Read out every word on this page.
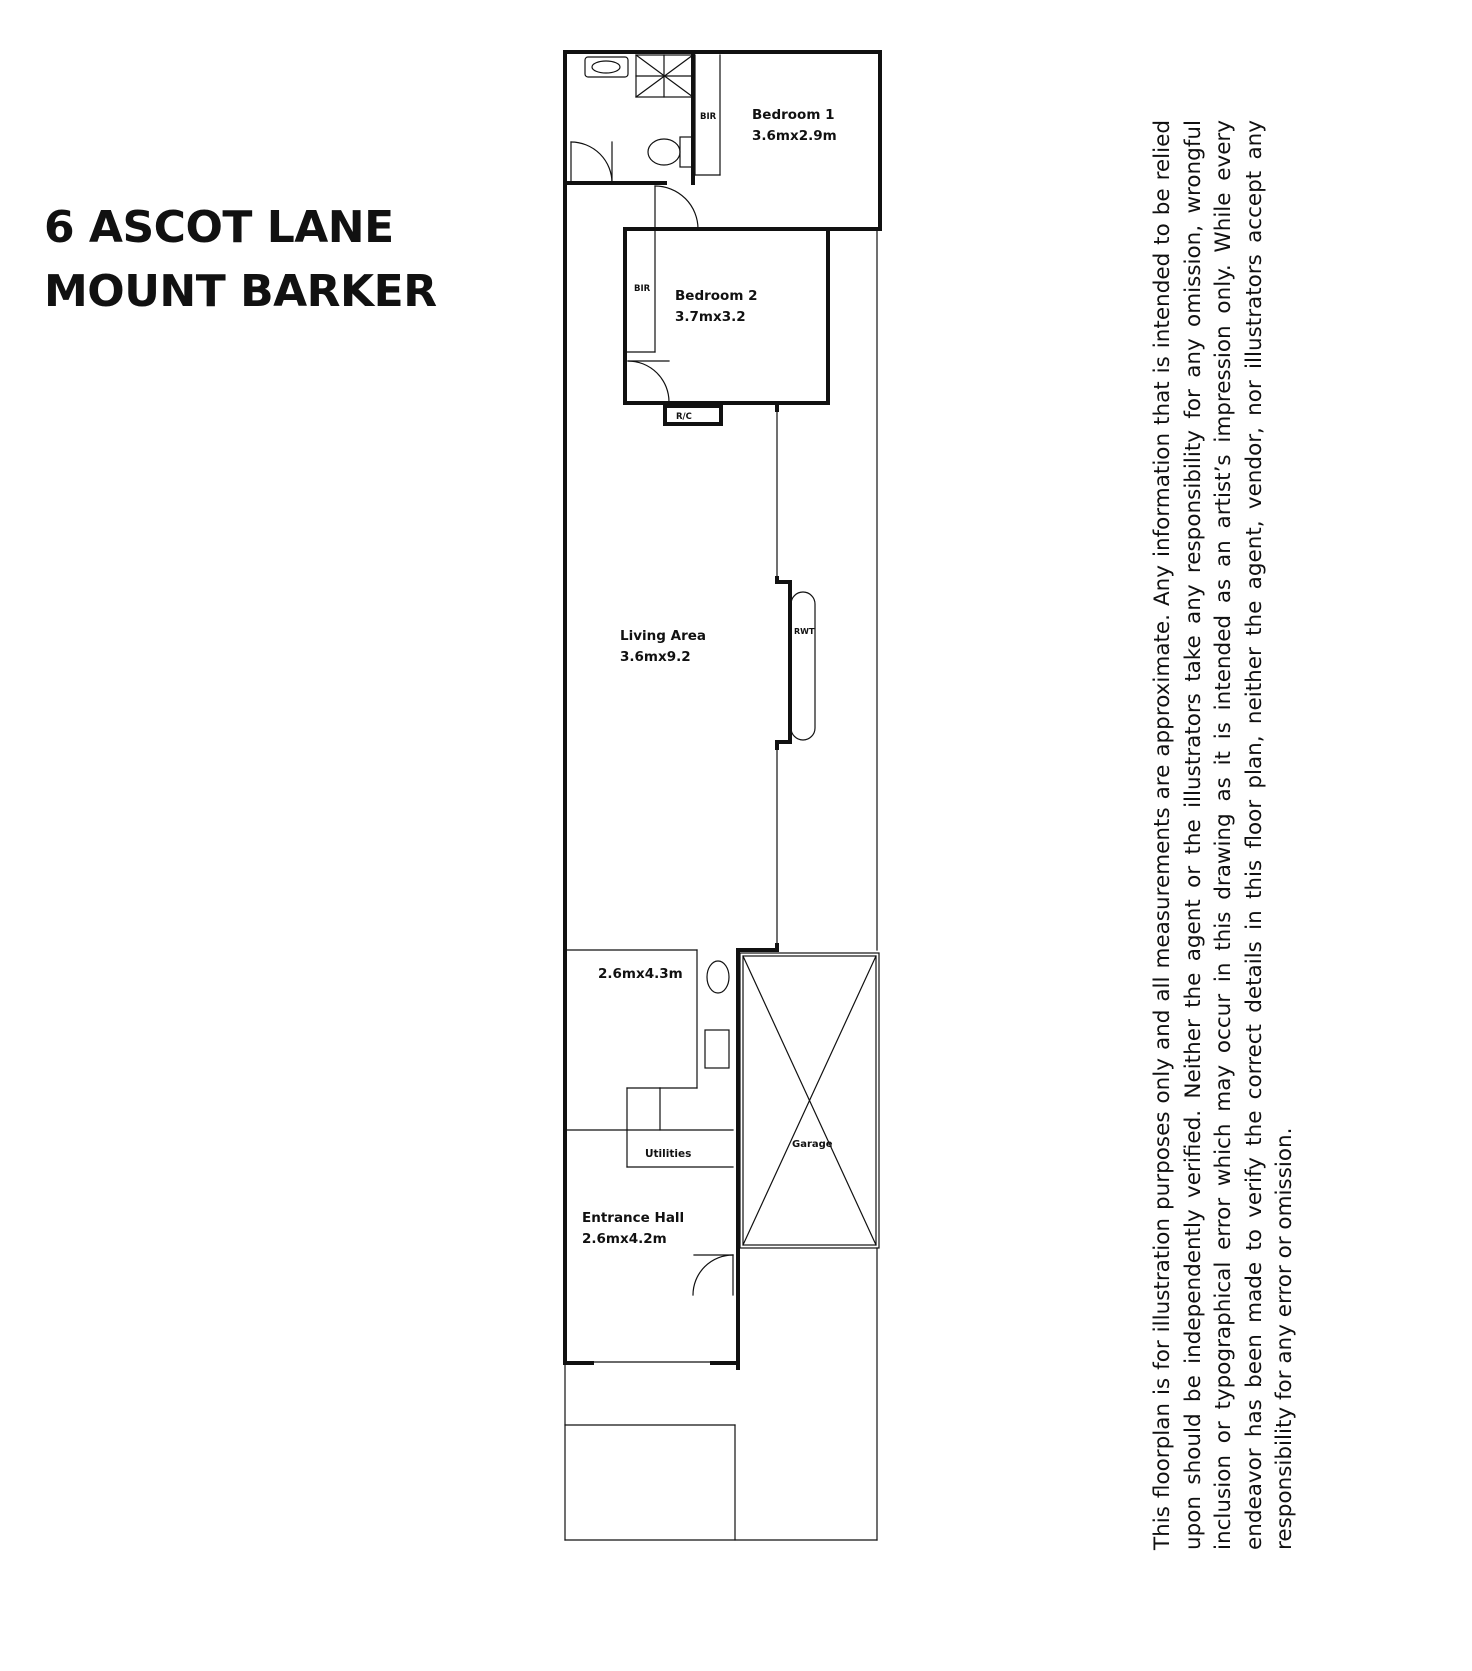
6 ASCOT LANE
MOUNT BARKER
Bedroom 1
3.6mx2.9m
BIR
Bedroom 2
3.7mx3.2
BIR
R/C
RWT
Living Area
3.6mx9.2
2.6mx4.3m
Utilities
Entrance Hall
2.6mx4.2m
Garage	This floorplan is for illustration purposes only and all measurements are approximate. Any information that is intended to be relied upon should be independently verified. Neither the agent or the illustrators take any responsibility for any omission, wrongful inclusion or typographical error which may occur in this drawing as it is intended as an artist’s impression only. While every endeavor has been made to verify the correct details in this floor plan, neither the agent, vendor, nor illustrators accept any responsibility for any error or omission.
